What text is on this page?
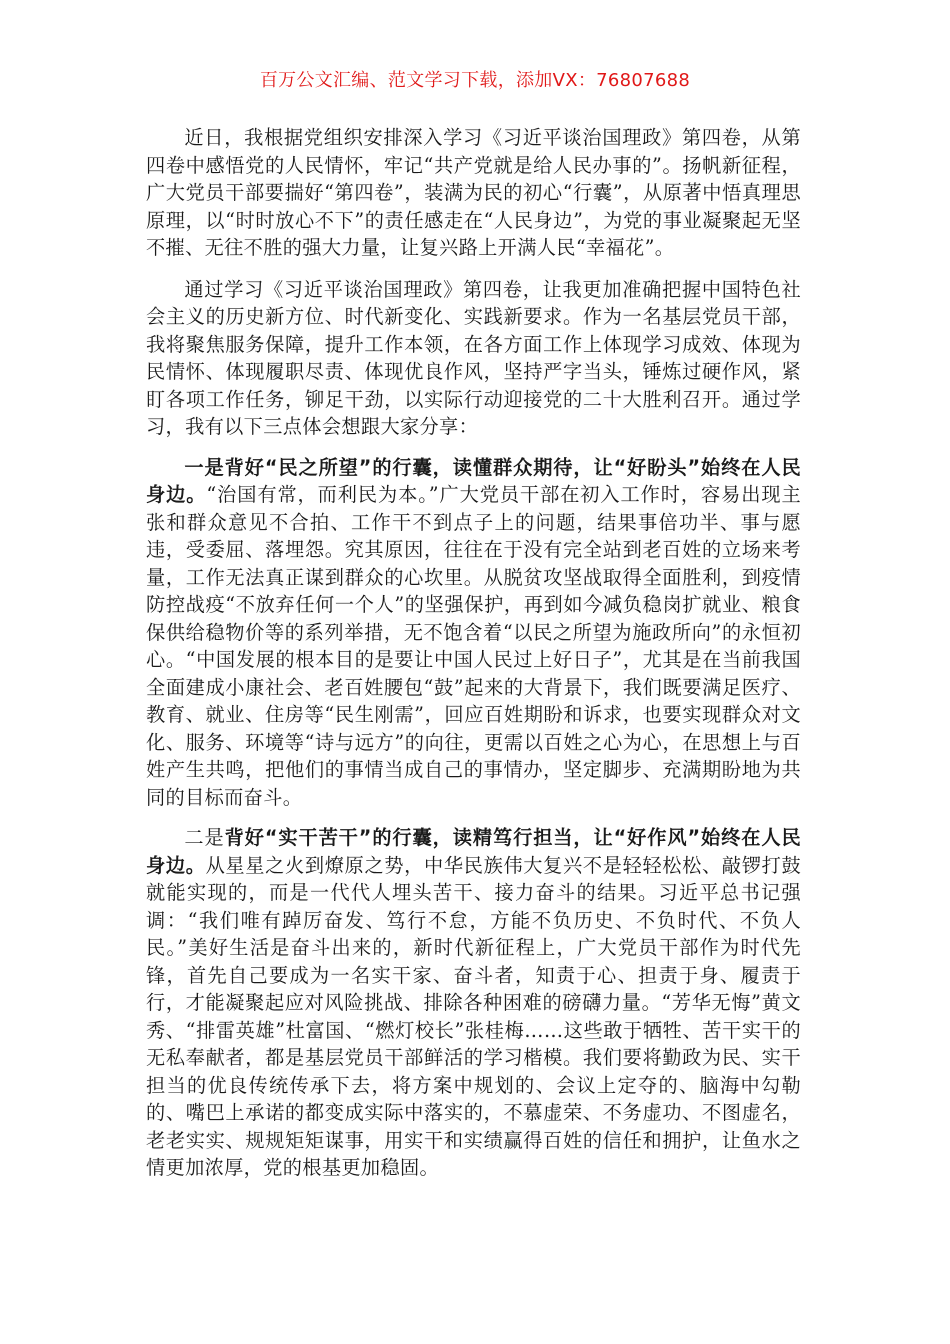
百万公文汇编、范文学习下载，添加VX：76807688

近日，我根据党组织安排深入学习《习近平谈治国理政》第四卷，从第四卷中感悟党的人民情怀，牢记“共产党就是给人民办事的”。扬帆新征程，广大党员干部要揣好“第四卷”，装满为民的初心“行囊”，从原著中悟真理思原理，以“时时放心不下”的责任感走在“人民身边”，为党的事业凝聚起无坚不摧、无往不胜的强大力量，让复兴路上开满人民“幸福花”。

通过学习《习近平谈治国理政》第四卷，让我更加准确把握中国特色社会主义的历史新方位、时代新变化、实践新要求。作为一名基层党员干部，我将聚焦服务保障，提升工作本领，在各方面工作上体现学习成效、体现为民情怀、体现履职尽责、体现优良作风，坚持严字当头，锤炼过硬作风，紧盯各项工作任务，铆足干劲，以实际行动迎接党的二十大胜利召开。通过学习，我有以下三点体会想跟大家分享：

一是背好“民之所望”的行囊，读懂群众期待，让“好盼头”始终在人民身边。“治国有常，而利民为本。”广大党员干部在初入工作时，容易出现主张和群众意见不合拍、工作干不到点子上的问题，结果事倍功半、事与愿违，受委屈、落埋怨。究其原因，往往在于没有完全站到老百姓的立场来考量，工作无法真正谋到群众的心坎里。从脱贫攻坚战取得全面胜利，到疫情防控战疫“不放弃任何一个人”的坚强保护，再到如今减负稳岗扩就业、粮食保供给稳物价等的系列举措，无不饱含着“以民之所望为施政所向”的永恒初心。“中国发展的根本目的是要让中国人民过上好日子”，尤其是在当前我国全面建成小康社会、老百姓腰包“鼓”起来的大背景下，我们既要满足医疗、教育、就业、住房等“民生刚需”，回应百姓期盼和诉求，也要实现群众对文化、服务、环境等“诗与远方”的向往，更需以百姓之心为心，在思想上与百姓产生共鸣，把他们的事情当成自己的事情办，坚定脚步、充满期盼地为共同的目标而奋斗。

二是背好“实干苦干”的行囊，读精笃行担当，让“好作风”始终在人民身边。从星星之火到燎原之势，中华民族伟大复兴不是轻轻松松、敲锣打鼓就能实现的，而是一代代人埋头苦干、接力奋斗的结果。习近平总书记强调：“我们唯有踔厉奋发、笃行不怠，方能不负历史、不负时代、不负人民。”美好生活是奋斗出来的，新时代新征程上，广大党员干部作为时代先锋，首先自己要成为一名实干家、奋斗者，知责于心、担责于身、履责于行，才能凝聚起应对风险挑战、排除各种困难的磅礴力量。“芳华无悔”黄文秀、“排雷英雄”杜富国、“燃灯校长”张桂梅……这些敢于牺牲、苦干实干的无私奉献者，都是基层党员干部鲜活的学习楷模。我们要将勤政为民、实干担当的优良传统传承下去，将方案中规划的、会议上定夺的、脑海中勾勒的、嘴巴上承诺的都变成实际中落实的，不慕虚荣、不务虚功、不图虚名，老老实实、规规矩矩谋事，用实干和实绩赢得百姓的信任和拥护，让鱼水之情更加浓厚，党的根基更加稳固。
